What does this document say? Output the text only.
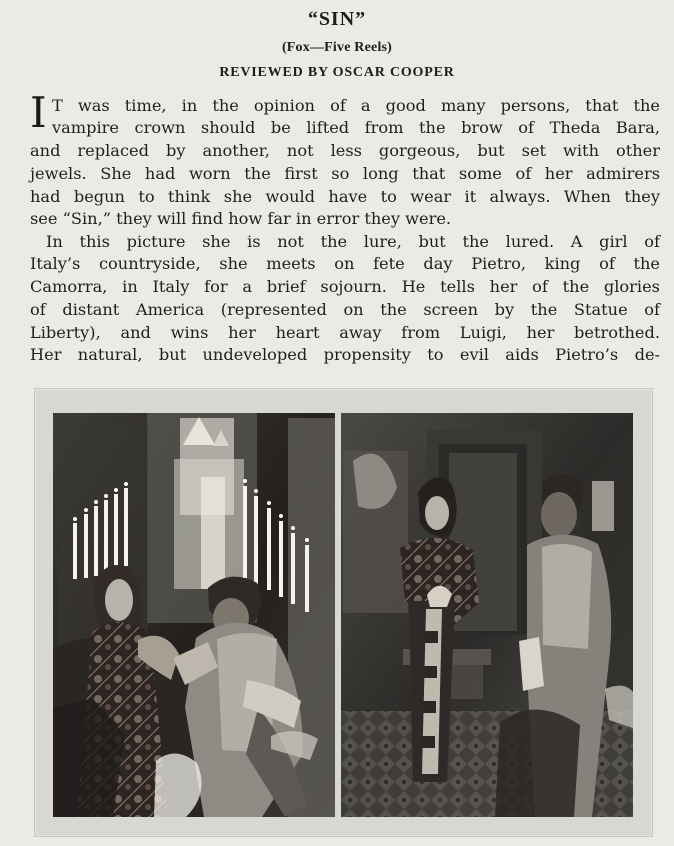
“SIN”
(Fox—Five Reels)
REVIEWED BY OSCAR COOPER
I T was time, in the opinion of a good many persons, that the
vampire crown should be lifted from the brow of Theda Bara,
and replaced by another, not less gorgeous, but set with other
jewels. She had worn the first so long that some of her admirers
had begun to think she would have to wear it always. When they
see “Sin,” they will find how far in error they were.
In this picture she is not the lure, but the lured. A girl of
Italy’s countryside, she meets on fete day Pietro, king of the
Camorra, in Italy for a brief sojourn. He tells her of the glories
of distant America (represented on the screen by the Statue of
Liberty), and wins her heart away from Luigi, her betrothed.
Her natural, but undeveloped propensity to evil aids Pietro’s de-
